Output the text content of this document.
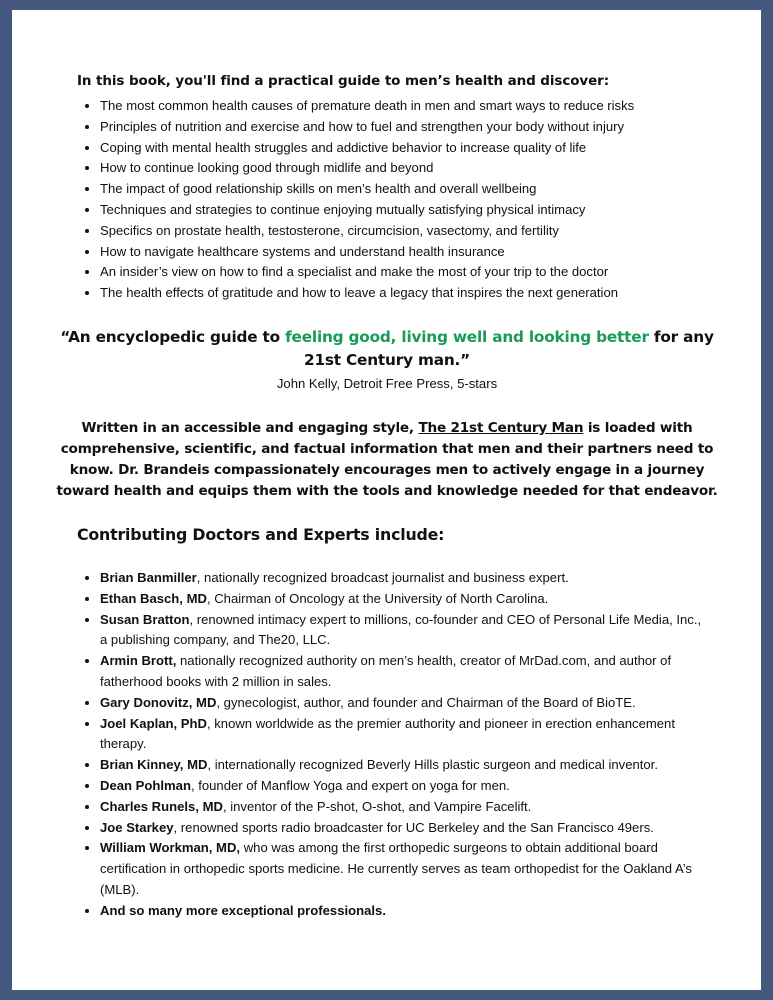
In this book, you'll find a practical guide to men’s health and discover:
• The most common health causes of premature death in men and smart ways to reduce risks
• Principles of nutrition and exercise and how to fuel and strengthen your body without injury
• Coping with mental health struggles and addictive behavior to increase quality of life
• How to continue looking good through midlife and beyond
• The impact of good relationship skills on men’s health and overall wellbeing
• Techniques and strategies to continue enjoying mutually satisfying physical intimacy
• Specifics on prostate health, testosterone, circumcision, vasectomy, and fertility
• How to navigate healthcare systems and understand health insurance
• An insider’s view on how to find a specialist and make the most of your trip to the doctor
• The health effects of gratitude and how to leave a legacy that inspires the next generation
“An encyclopedic guide to feeling good, living well and looking better for any 21st Century man.”
John Kelly, Detroit Free Press, 5-stars
Written in an accessible and engaging style, The 21st Century Man is loaded with comprehensive, scientific, and factual information that men and their partners need to know. Dr. Brandeis compassionately encourages men to actively engage in a journey toward health and equips them with the tools and knowledge needed for that endeavor.
Contributing Doctors and Experts include:
• Brian Banmiller, nationally recognized broadcast journalist and business expert.
• Ethan Basch, MD, Chairman of Oncology at the University of North Carolina.
• Susan Bratton, renowned intimacy expert to millions, co-founder and CEO of Personal Life Media, Inc., a publishing company, and The20, LLC.
• Armin Brott, nationally recognized authority on men’s health, creator of MrDad.com, and author of fatherhood books with 2 million in sales.
• Gary Donovitz, MD, gynecologist, author, and founder and Chairman of the Board of BioTE.
• Joel Kaplan, PhD, known worldwide as the premier authority and pioneer in erection enhancement therapy.
• Brian Kinney, MD, internationally recognized Beverly Hills plastic surgeon and medical inventor.
• Dean Pohlman, founder of Manflow Yoga and expert on yoga for men.
• Charles Runels, MD, inventor of the P-shot, O-shot, and Vampire Facelift.
• Joe Starkey, renowned sports radio broadcaster for UC Berkeley and the San Francisco 49ers.
• William Workman, MD, who was among the first orthopedic surgeons to obtain additional board certification in orthopedic sports medicine. He currently serves as team orthopedist for the Oakland A’s (MLB).
• And so many more exceptional professionals.
